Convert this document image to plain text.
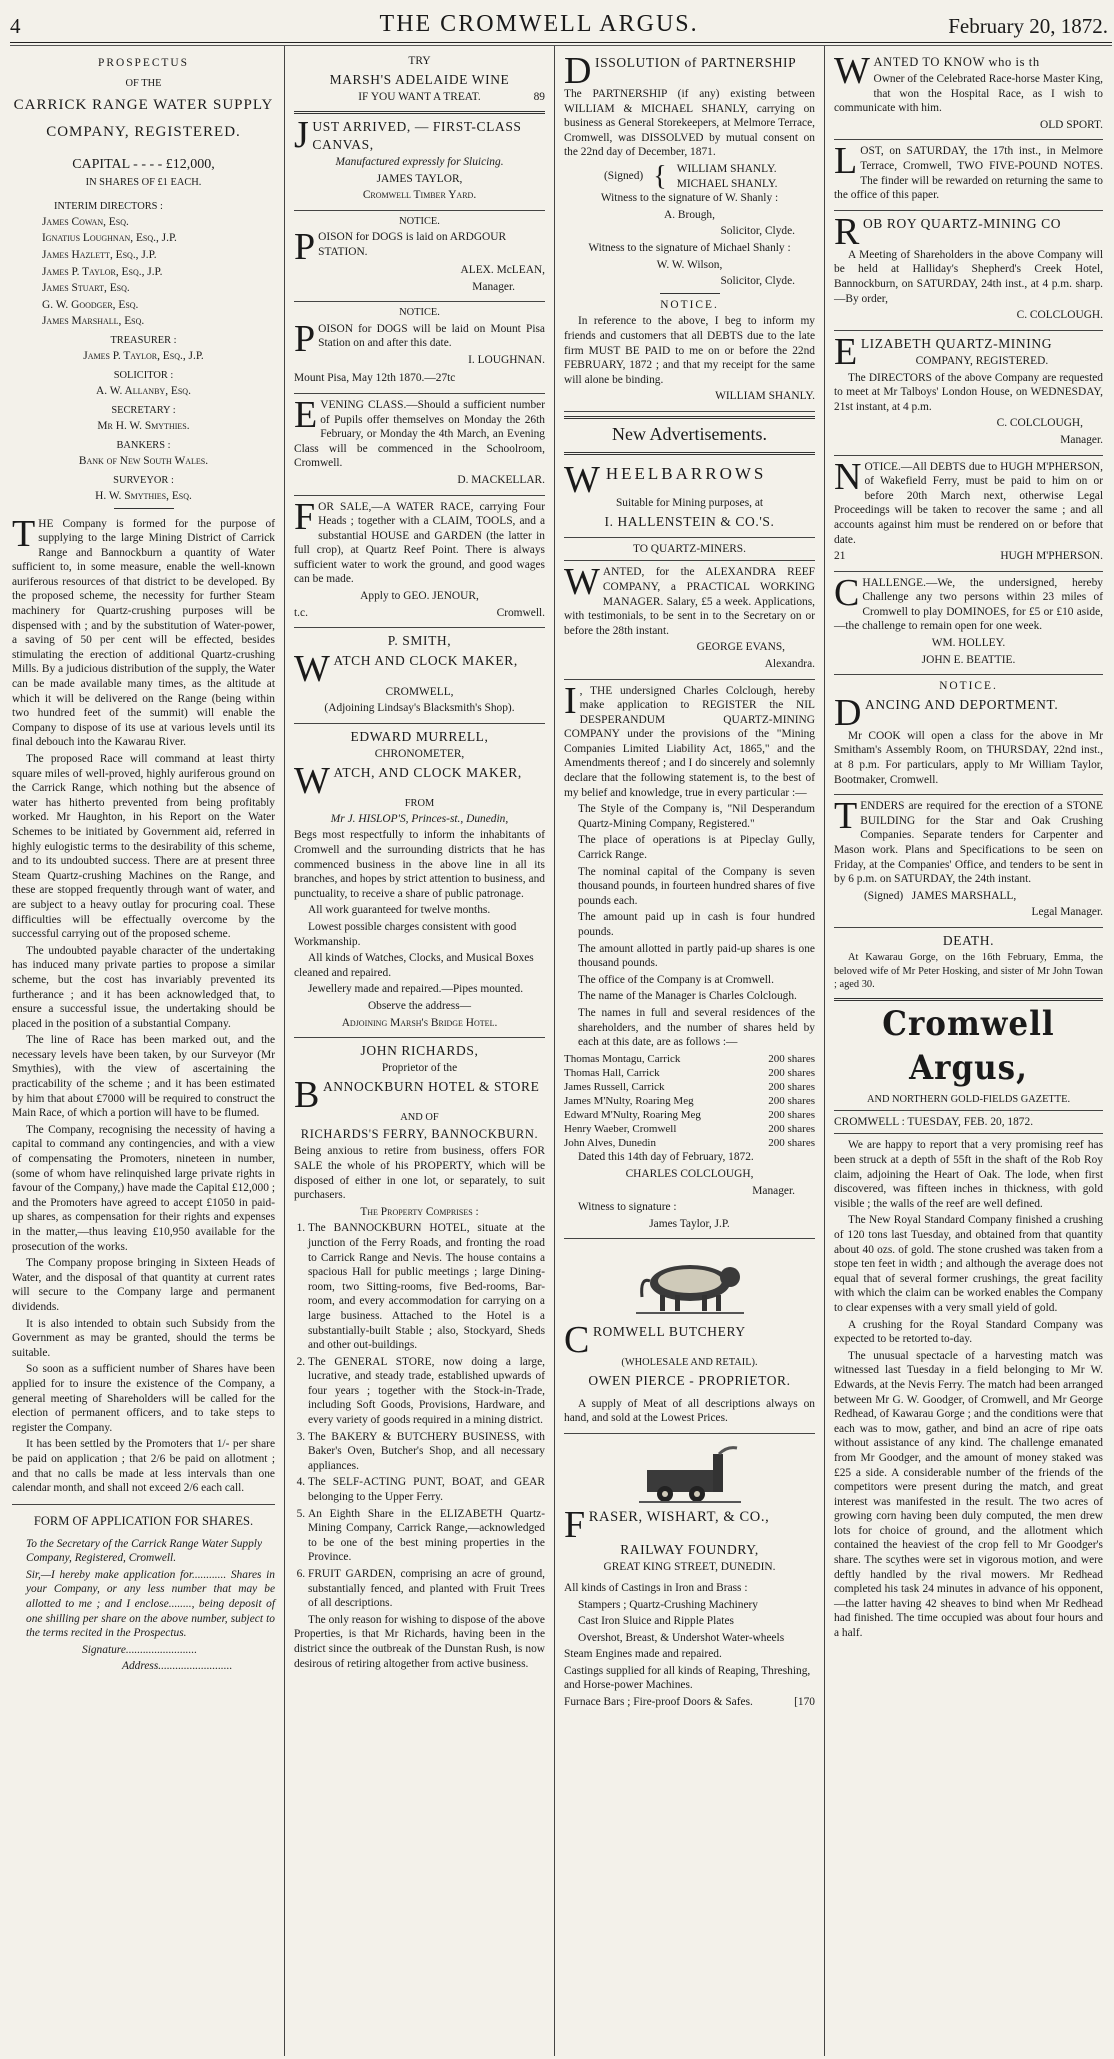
4	THE CROMWELL ARGUS.	February 20, 1872.

PROSPECTUS

OF THE

CARRICK RANGE WATER SUPPLY

COMPANY, REGISTERED.

CAPITAL - - - - £12,000,

IN SHARES OF £1 EACH.

INTERIM DIRECTORS :

James Cowan, Esq.

Ignatius Loughnan, Esq., J.P.

James Hazlett, Esq., J.P.

James P. Taylor, Esq., J.P.

James Stuart, Esq.

G. W. Goodger, Esq.

James Marshall, Esq.

TREASURER :

James P. Taylor, Esq., J.P.

SOLICITOR :

A. W. Allanby, Esq.

SECRETARY :

Mr H. W. Smythies.

BANKERS :

Bank of New South Wales.

SURVEYOR :

H. W. Smythies, Esq.

THE Company is formed for the purpose of supplying to the large Mining District of Carrick Range and Bannockburn a quantity of Water sufficient to, in some measure, enable the well-known auriferous resources of that district to be developed. By the proposed scheme, the necessity for further Steam machinery for Quartz-crushing purposes will be dispensed with ; and by the substitution of Water-power, a saving of 50 per cent will be effected, besides stimulating the erection of additional Quartz-crushing Mills. By a judicious distribution of the supply, the Water can be made available many times, as the altitude at which it will be delivered on the Range (being within two hundred feet of the summit) will enable the Company to dispose of its use at various levels until its final debouch into the Kawarau River.

The proposed Race will command at least thirty square miles of well-proved, highly auriferous ground on the Carrick Range, which nothing but the absence of water has hitherto prevented from being profitably worked. Mr Haughton, in his Report on the Water Schemes to be initiated by Government aid, referred in highly eulogistic terms to the desirability of this scheme, and to its undoubted success. There are at present three Steam Quartz-crushing Machines on the Range, and these are stopped frequently through want of water, and are subject to a heavy outlay for procuring coal. These difficulties will be effectually overcome by the successful carrying out of the proposed scheme.

The undoubted payable character of the undertaking has induced many private parties to propose a similar scheme, but the cost has invariably prevented its furtherance ; and it has been acknowledged that, to ensure a successful issue, the undertaking should be placed in the position of a substantial Company.

The line of Race has been marked out, and the necessary levels have been taken, by our Surveyor (Mr Smythies), with the view of ascertaining the practicability of the scheme ; and it has been estimated by him that about £7000 will be required to construct the Main Race, of which a portion will have to be flumed.

The Company, recognising the necessity of having a capital to command any contingencies, and with a view of compensating the Promoters, nineteen in number, (some of whom have relinquished large private rights in favour of the Company,) have made the Capital £12,000 ; and the Promoters have agreed to accept £1050 in paid-up shares, as compensation for their rights and expenses in the matter,—thus leaving £10,950 available for the prosecution of the works.

The Company propose bringing in Sixteen Heads of Water, and the disposal of that quantity at current rates will secure to the Company large and permanent dividends.

It is also intended to obtain such Subsidy from the Government as may be granted, should the terms be suitable.

So soon as a sufficient number of Shares have been applied for to insure the existence of the Company, a general meeting of Shareholders will be called for the election of permanent officers, and to take steps to register the Company.

It has been settled by the Promoters that 1/- per share be paid on application ; that 2/6 be paid on allotment ; and that no calls be made at less intervals than one calendar month, and shall not exceed 2/6 each call.

FORM OF APPLICATION FOR SHARES.

To the Secretary of the Carrick Range Water Supply Company, Registered, Cromwell.

Sir,—I hereby make application for............ Shares in your Company, or any less number that may be allotted to me ; and I enclose........, being deposit of one shilling per share on the above number, subject to the terms recited in the Prospectus.

Signature.........................

Address..........................

TRY

MARSH'S ADELAIDE WINE

IF YOU WANT A TREAT.	89

JUST ARRIVED, — FIRST-CLASS CANVAS,

Manufactured expressly for Sluicing.

JAMES TAYLOR,

Cromwell Timber Yard.

NOTICE.

POISON for DOGS is laid on ARDGOUR STATION.

ALEX. McLEAN,

Manager.

NOTICE.

POISON for DOGS will be laid on Mount Pisa Station on and after this date.

I. LOUGHNAN.

Mount Pisa, May 12th 1870.—27tc

EVENING CLASS.—Should a sufficient number of Pupils offer themselves on Monday the 26th February, or Monday the 4th March, an Evening Class will be commenced in the Schoolroom, Cromwell.

D. MACKELLAR.

FOR SALE,—A WATER RACE, carrying Four Heads ; together with a CLAIM, TOOLS, and a substantial HOUSE and GARDEN (the latter in full crop), at Quartz Reef Point. There is always sufficient water to work the ground, and good wages can be made.

Apply to GEO. JENOUR,

t.c.	Cromwell.

P. SMITH,

WATCH AND CLOCK MAKER,

CROMWELL,

(Adjoining Lindsay's Blacksmith's Shop).

EDWARD MURRELL,

CHRONOMETER,

WATCH, AND CLOCK MAKER,

FROM

Mr J. HISLOP'S, Princes-st., Dunedin,

Begs most respectfully to inform the inhabitants of Cromwell and the surrounding districts that he has commenced business in the above line in all its branches, and hopes by strict attention to business, and punctuality, to receive a share of public patronage.

All work guaranteed for twelve months.

Lowest possible charges consistent with good Workmanship.

All kinds of Watches, Clocks, and Musical Boxes cleaned and repaired.

Jewellery made and repaired.—Pipes mounted.

Observe the address—

Adjoining Marsh's Bridge Hotel.

JOHN RICHARDS,

Proprietor of the

BANNOCKBURN HOTEL & STORE

AND OF

RICHARDS'S FERRY, BANNOCKBURN.

Being anxious to retire from business, offers FOR SALE the whole of his PROPERTY, which will be disposed of either in one lot, or separately, to suit purchasers.

The Property Comprises :

1. The BANNOCKBURN HOTEL, situate at the junction of the Ferry Roads, and fronting the road to Carrick Range and Nevis. The house contains a spacious Hall for public meetings ; large Dining-room, two Sitting-rooms, five Bed-rooms, Bar-room, and every accommodation for carrying on a large business. Attached to the Hotel is a substantially-built Stable ; also, Stockyard, Sheds and other out-buildings.
2. The GENERAL STORE, now doing a large, lucrative, and steady trade, established upwards of four years ; together with the Stock-in-Trade, including Soft Goods, Provisions, Hardware, and every variety of goods required in a mining district.
3. The BAKERY & BUTCHERY BUSINESS, with Baker's Oven, Butcher's Shop, and all necessary appliances.
4. The SELF-ACTING PUNT, BOAT, and GEAR belonging to the Upper Ferry.
5. An Eighth Share in the ELIZABETH Quartz-Mining Company, Carrick Range,—acknowledged to be one of the best mining properties in the Province.
6. FRUIT GARDEN, comprising an acre of ground, substantially fenced, and planted with Fruit Trees of all descriptions.

The only reason for wishing to dispose of the above Properties, is that Mr Richards, having been in the district since the outbreak of the Dunstan Rush, is now desirous of retiring altogether from active business.

DISSOLUTION of PARTNERSHIP

The PARTNERSHIP (if any) existing between WILLIAM & MICHAEL SHANLY, carrying on business as General Storekeepers, at Melmore Terrace, Cromwell, was DISSOLVED by mutual consent on the 22nd day of December, 1871.

(Signed) { WILLIAM SHANLY.
MICHAEL SHANLY.

Witness to the signature of W. Shanly :

A. Brough,

Solicitor, Clyde.

Witness to the signature of Michael Shanly :

W. W. Wilson,

Solicitor, Clyde.

NOTICE.

In reference to the above, I beg to inform my friends and customers that all DEBTS due to the late firm MUST BE PAID to me on or before the 22nd FEBRUARY, 1872 ; and that my receipt for the same will alone be binding.

WILLIAM SHANLY.

New Advertisements.

WHEELBARROWS

Suitable for Mining purposes, at

I. HALLENSTEIN & CO.'S.

TO QUARTZ-MINERS.

WANTED, for the ALEXANDRA REEF COMPANY, a PRACTICAL WORKING MANAGER. Salary, £5 a week. Applications, with testimonials, to be sent in to the Secretary on or before the 28th instant.

GEORGE EVANS,

Alexandra.

I , THE undersigned Charles Colclough, hereby make application to REGISTER the NIL DESPERANDUM QUARTZ-MINING COMPANY under the provisions of the "Mining Companies Limited Liability Act, 1865," and the Amendments thereof ; and I do sincerely and solemnly declare that the following statement is, to the best of my belief and knowledge, true in every particular :—

The Style of the Company is, "Nil Desperandum Quartz-Mining Company, Registered."

The place of operations is at Pipeclay Gully, Carrick Range.

The nominal capital of the Company is seven thousand pounds, in fourteen hundred shares of five pounds each.

The amount paid up in cash is four hundred pounds.

The amount allotted in partly paid-up shares is one thousand pounds.

The office of the Company is at Cromwell.

The name of the Manager is Charles Colclough.

The names in full and several residences of the shareholders, and the number of shares held by each at this date, are as follows :—

Thomas Montagu, Carrick	200 shares
Thomas Hall, Carrick	200 shares
James Russell, Carrick	200 shares
James M'Nulty, Roaring Meg	200 shares
Edward M'Nulty, Roaring Meg	200 shares
Henry Waeber, Cromwell	200 shares
John Alves, Dunedin	200 shares

Dated this 14th day of February, 1872.

CHARLES COLCLOUGH,

Manager.

Witness to signature :

James Taylor, J.P.

CROMWELL BUTCHERY

(WHOLESALE AND RETAIL).

OWEN PIERCE - PROPRIETOR.

A supply of Meat of all descriptions always on hand, and sold at the Lowest Prices.

FRASER, WISHART, & CO.,

RAILWAY FOUNDRY,

GREAT KING STREET, DUNEDIN.

All kinds of Castings in Iron and Brass :

Stampers ; Quartz-Crushing Machinery

Cast Iron Sluice and Ripple Plates

Overshot, Breast, & Undershot Water-wheels

Steam Engines made and repaired.

Castings supplied for all kinds of Reaping, Threshing, and Horse-power Machines.

Furnace Bars ; Fire-proof Doors & Safes.	[170

WANTED TO KNOW who is th

Owner of the Celebrated Race-horse Master King, that won the Hospital Race, as I wish to communicate with him.

OLD SPORT.

LOST, on SATURDAY, the 17th inst., in Melmore Terrace, Cromwell, TWO FIVE-POUND NOTES. The finder will be rewarded on returning the same to the office of this paper.

ROB ROY QUARTZ-MINING CO

A Meeting of Shareholders in the above Company will be held at Halliday's Shepherd's Creek Hotel, Bannockburn, on SATURDAY, 24th inst., at 4 p.m. sharp.—By order,

C. COLCLOUGH.

ELIZABETH QUARTZ-MINING

COMPANY, REGISTERED.

The DIRECTORS of the above Company are requested to meet at Mr Talboys' London House, on WEDNESDAY, 21st instant, at 4 p.m.

C. COLCLOUGH,

Manager.

NOTICE.—All DEBTS due to HUGH M'PHERSON, of Wakefield Ferry, must be paid to him on or before 20th March next, otherwise Legal Proceedings will be taken to recover the same ; and all accounts against him must be rendered on or before that date.

21	HUGH M'PHERSON.

CHALLENGE.—We, the undersigned, hereby Challenge any two persons within 23 miles of Cromwell to play DOMINOES, for £5 or £10 aside,—the challenge to remain open for one week.

WM. HOLLEY.

JOHN E. BEATTIE.

NOTICE.

DANCING AND DEPORTMENT.

Mr COOK will open a class for the above in Mr Smitham's Assembly Room, on THURSDAY, 22nd inst., at 8 p.m. For particulars, apply to Mr William Taylor, Bootmaker, Cromwell.

TENDERS are required for the erection of a STONE BUILDING for the Star and Oak Crushing Companies. Separate tenders for Carpenter and Mason work. Plans and Specifications to be seen on Friday, at the Companies' Office, and tenders to be sent in by 6 p.m. on SATURDAY, the 24th instant.

(Signed) JAMES MARSHALL,

Legal Manager.

DEATH.

At Kawarau Gorge, on the 16th February, Emma, the beloved wife of Mr Peter Hosking, and sister of Mr John Towan ; aged 30.

Cromwell Argus,

AND NORTHERN GOLD-FIELDS GAZETTE.

CROMWELL : TUESDAY, FEB. 20, 1872.

We are happy to report that a very promising reef has been struck at a depth of 55ft in the shaft of the Rob Roy claim, adjoining the Heart of Oak. The lode, when first discovered, was fifteen inches in thickness, with gold visible ; the walls of the reef are well defined.

The New Royal Standard Company finished a crushing of 120 tons last Tuesday, and obtained from that quantity about 40 ozs. of gold. The stone crushed was taken from a stope ten feet in width ; and although the average does not equal that of several former crushings, the great facility with which the claim can be worked enables the Company to clear expenses with a very small yield of gold.

A crushing for the Royal Standard Company was expected to be retorted to-day.

The unusual spectacle of a harvesting match was witnessed last Tuesday in a field belonging to Mr W. Edwards, at the Nevis Ferry. The match had been arranged between Mr G. W. Goodger, of Cromwell, and Mr George Redhead, of Kawarau Gorge ; and the conditions were that each was to mow, gather, and bind an acre of ripe oats without assistance of any kind. The challenge emanated from Mr Goodger, and the amount of money staked was £25 a side. A considerable number of the friends of the competitors were present during the match, and great interest was manifested in the result. The two acres of growing corn having been duly computed, the men drew lots for choice of ground, and the allotment which contained the heaviest of the crop fell to Mr Goodger's share. The scythes were set in vigorous motion, and were deftly handled by the rival mowers. Mr Redhead completed his task 24 minutes in advance of his opponent,—the latter having 42 sheaves to bind when Mr Redhead had finished. The time occupied was about four hours and a half.
